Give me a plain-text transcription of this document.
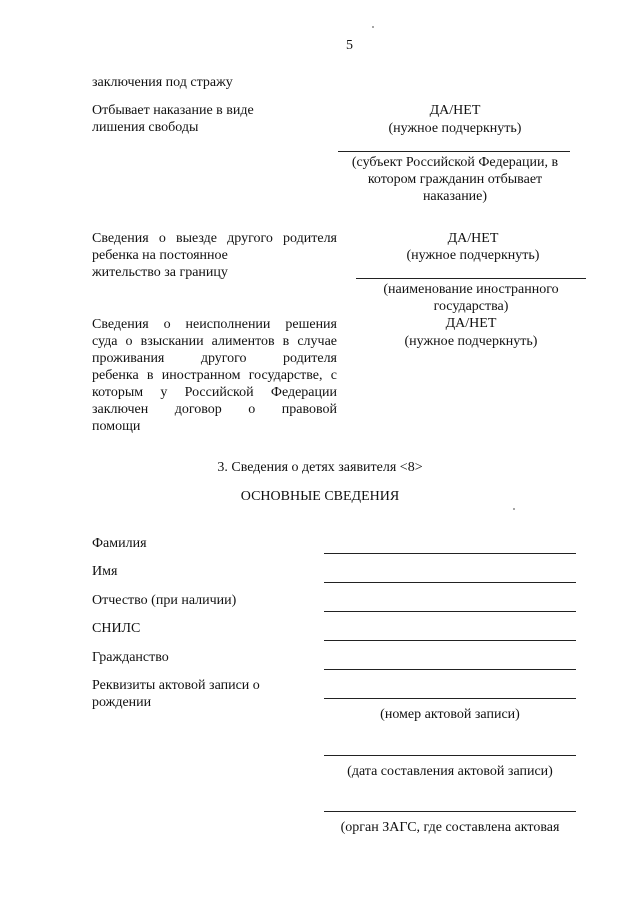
5
заключения под стражу
Отбывает наказание в виде
лишения свободы
ДА/НЕТ
(нужное подчеркнуть)
(субъект Российской Федерации, в
котором гражданин отбывает
наказание)
Сведения о выезде другого родителя
ребенка на постоянное
жительство за границу
ДА/НЕТ
(нужное подчеркнуть)
(наименование иностранного
государства)
Сведения о неисполнении решения
суда о взыскании алиментов в случае
проживания другого родителя
ребенка в иностранном государстве, с
которым у Российской Федерации
заключен договор о правовой
помощи
ДА/НЕТ
(нужное подчеркнуть)
3. Сведения о детях заявителя <8>
ОСНОВНЫЕ СВЕДЕНИЯ
Фамилия
Имя
Отчество (при наличии)
СНИЛС
Гражданство
Реквизиты актовой записи о
рождении
(номер актовой записи)
(дата составления актовой записи)
(орган ЗАГС, где составлена актовая
